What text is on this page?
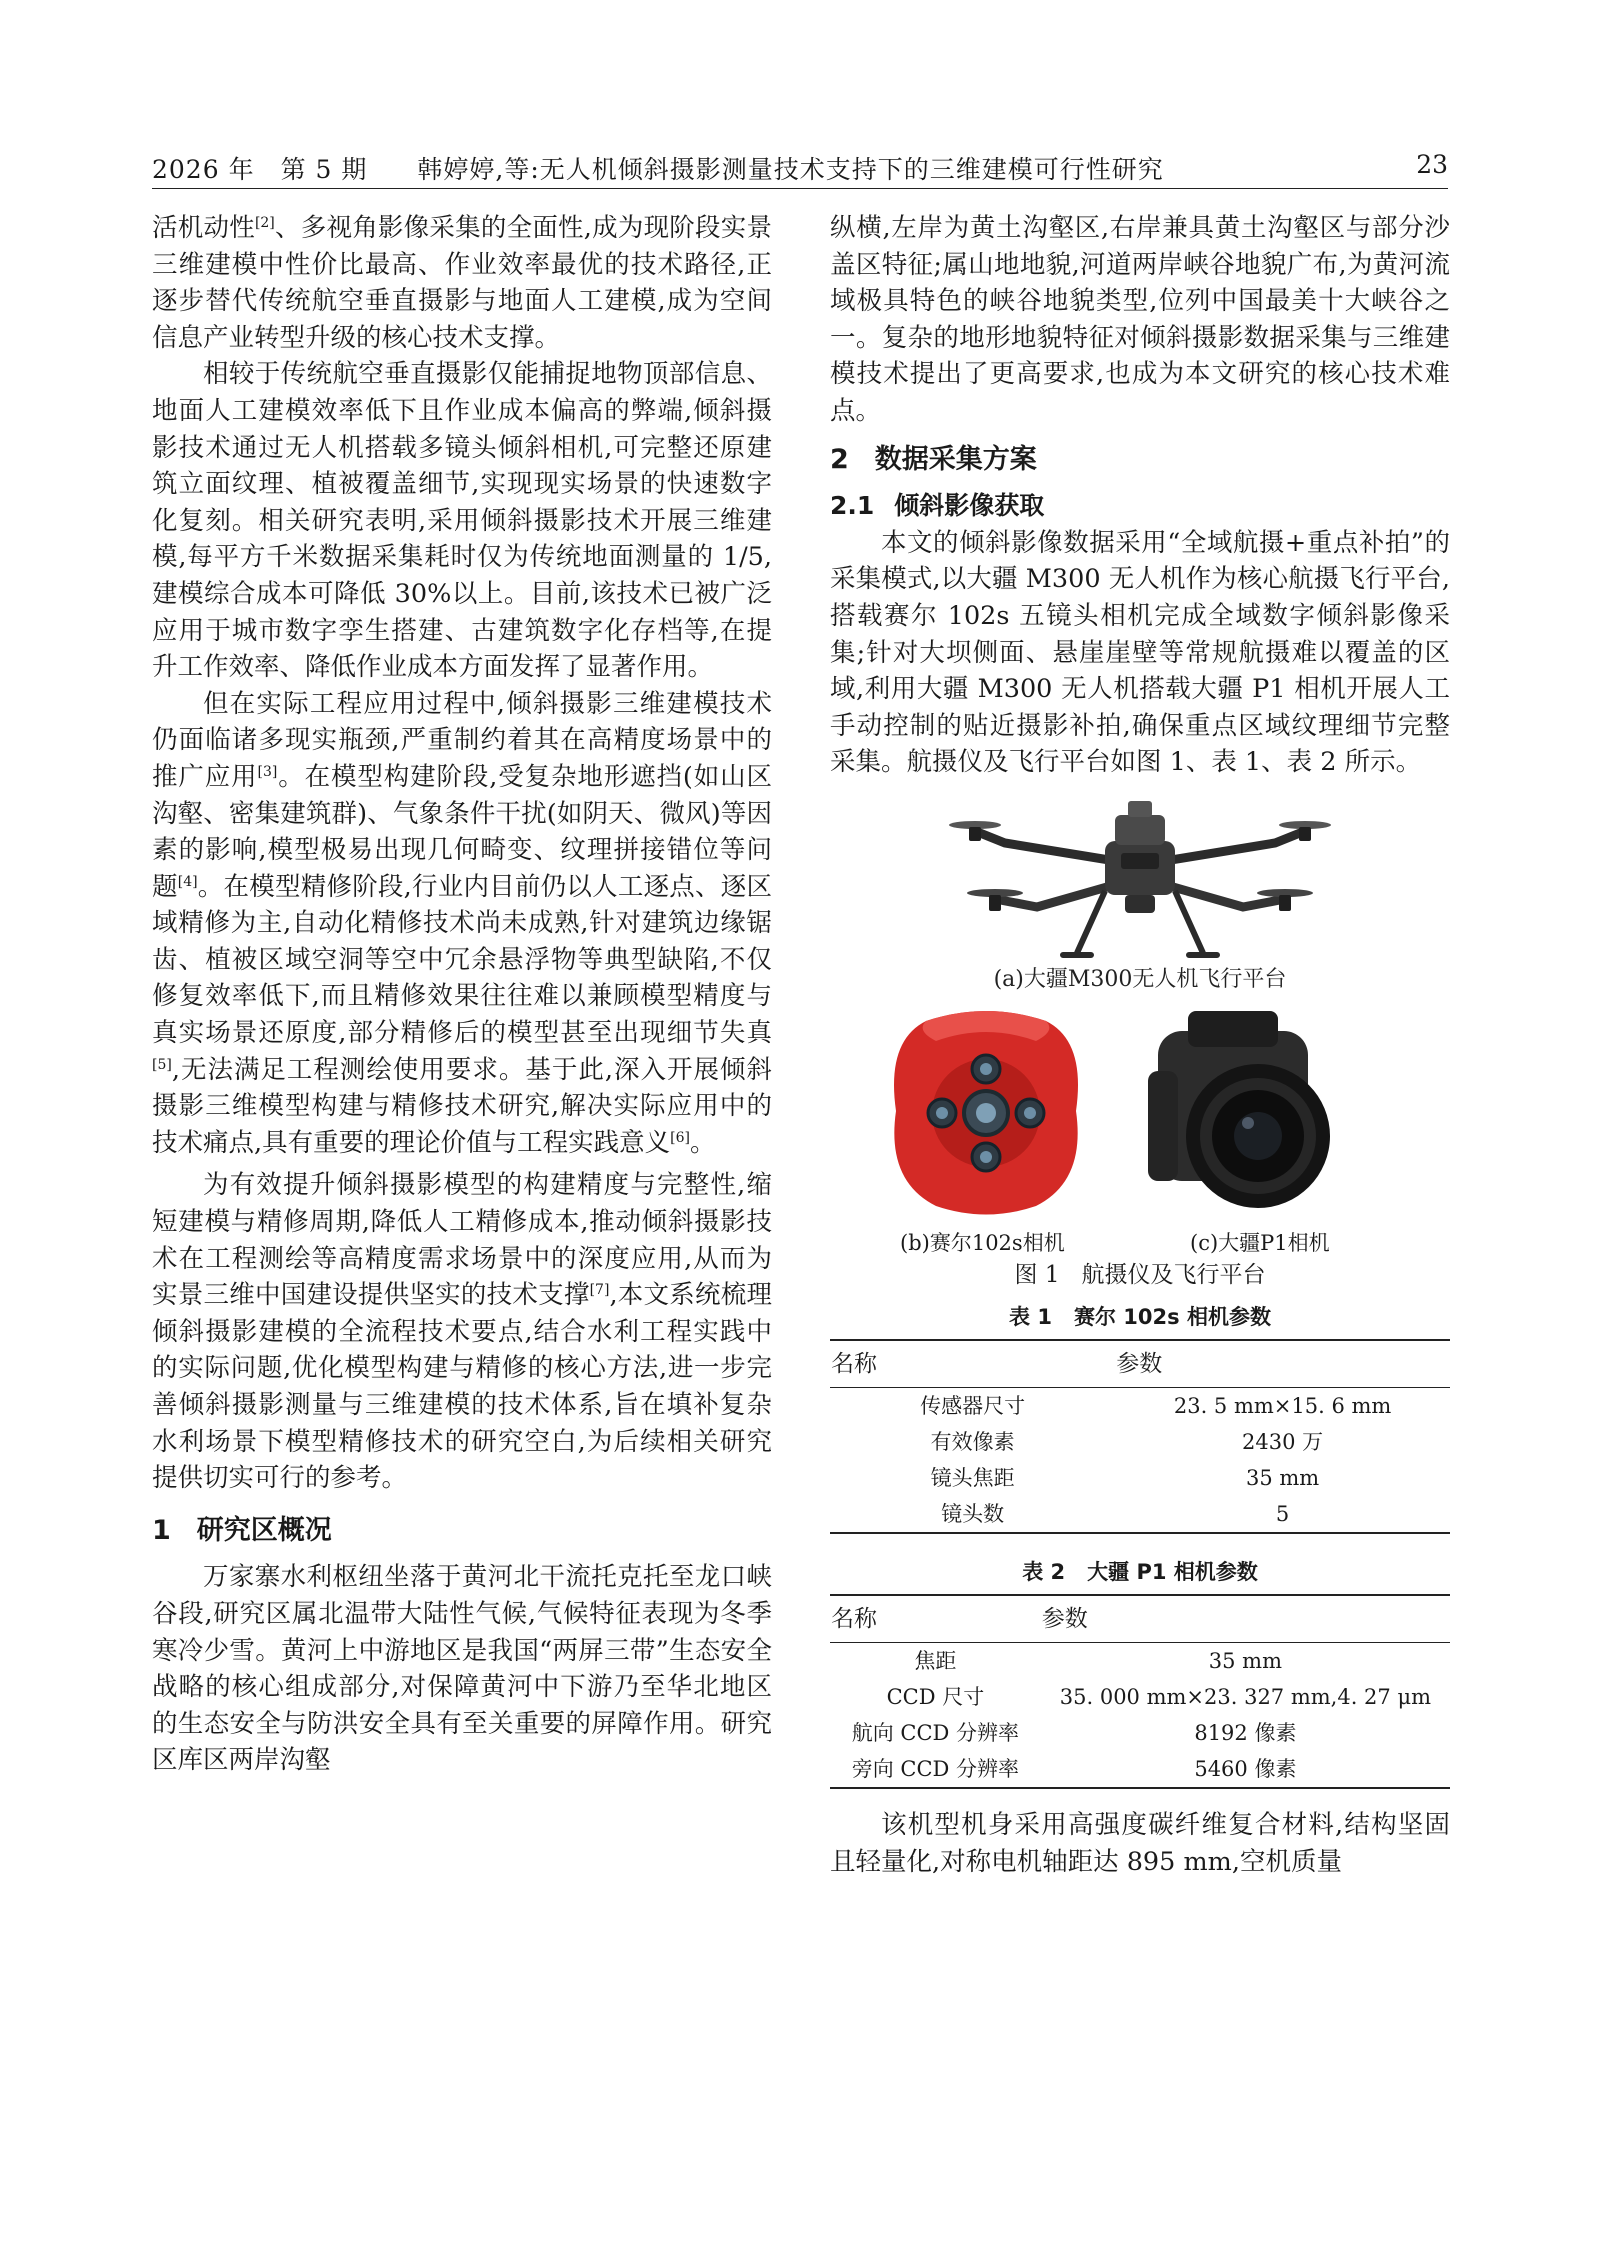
2026 年 第 5 期 韩婷婷,等:无人机倾斜摄影测量技术支持下的三维建模可行性研究	23

活机动性[2]、多视角影像采集的全面性,成为现阶段实景三维建模中性价比最高、作业效率最优的技术路径,正逐步替代传统航空垂直摄影与地面人工建模,成为空间信息产业转型升级的核心技术支撑。

相较于传统航空垂直摄影仅能捕捉地物顶部信息、地面人工建模效率低下且作业成本偏高的弊端,倾斜摄影技术通过无人机搭载多镜头倾斜相机,可完整还原建筑立面纹理、植被覆盖细节,实现现实场景的快速数字化复刻。相关研究表明,采用倾斜摄影技术开展三维建模,每平方千米数据采集耗时仅为传统地面测量的 1/5,建模综合成本可降低 30%以上。目前,该技术已被广泛应用于城市数字孪生搭建、古建筑数字化存档等,在提升工作效率、降低作业成本方面发挥了显著作用。

但在实际工程应用过程中,倾斜摄影三维建模技术仍面临诸多现实瓶颈,严重制约着其在高精度场景中的推广应用[3]。在模型构建阶段,受复杂地形遮挡(如山区沟壑、密集建筑群)、气象条件干扰(如阴天、微风)等因素的影响,模型极易出现几何畸变、纹理拼接错位等问题[4]。在模型精修阶段,行业内目前仍以人工逐点、逐区域精修为主,自动化精修技术尚未成熟,针对建筑边缘锯齿、植被区域空洞等空中冗余悬浮物等典型缺陷,不仅修复效率低下,而且精修效果往往难以兼顾模型精度与真实场景还原度,部分精修后的模型甚至出现细节失真[5],无法满足工程测绘使用要求。基于此,深入开展倾斜摄影三维模型构建与精修技术研究,解决实际应用中的技术痛点,具有重要的理论价值与工程实践意义[6]。

为有效提升倾斜摄影模型的构建精度与完整性,缩短建模与精修周期,降低人工精修成本,推动倾斜摄影技术在工程测绘等高精度需求场景中的深度应用,从而为实景三维中国建设提供坚实的技术支撑[7],本文系统梳理倾斜摄影建模的全流程技术要点,结合水利工程实践中的实际问题,优化模型构建与精修的核心方法,进一步完善倾斜摄影测量与三维建模的技术体系,旨在填补复杂水利场景下模型精修技术的研究空白,为后续相关研究提供切实可行的参考。

1 研究区概况

万家寨水利枢纽坐落于黄河北干流托克托至龙口峡谷段,研究区属北温带大陆性气候,气候特征表现为冬季寒冷少雪。黄河上中游地区是我国“两屏三带”生态安全战略的核心组成部分,对保障黄河中下游乃至华北地区的生态安全与防洪安全具有至关重要的屏障作用。研究区库区两岸沟壑

纵横,左岸为黄土沟壑区,右岸兼具黄土沟壑区与部分沙盖区特征;属山地地貌,河道两岸峡谷地貌广布,为黄河流域极具特色的峡谷地貌类型,位列中国最美十大峡谷之一。复杂的地形地貌特征对倾斜摄影数据采集与三维建模技术提出了更高要求,也成为本文研究的核心技术难点。

2 数据采集方案
2.1 倾斜影像获取

本文的倾斜影像数据采用“全域航摄+重点补拍”的采集模式,以大疆 M300 无人机作为核心航摄飞行平台,搭载赛尔 102s 五镜头相机完成全域数字倾斜影像采集;针对大坝侧面、悬崖崖壁等常规航摄难以覆盖的区域,利用大疆 M300 无人机搭载大疆 P1 相机开展人工手动控制的贴近摄影补拍,确保重点区域纹理细节完整采集。航摄仪及飞行平台如图 1、表 1、表 2 所示。

(a)大疆M300无人机飞行平台
(b)赛尔102s相机	(c)大疆P1相机
图 1 航摄仪及飞行平台
表 1 赛尔 102s 相机参数
名称	参数
传感器尺寸	23. 5 mm×15. 6 mm
有效像素	2430 万
镜头焦距	35 mm
镜头数	5
表 2 大疆 P1 相机参数
名称	参数
焦距	35 mm
CCD 尺寸	35. 000 mm×23. 327 mm,4. 27 μm
航向 CCD 分辨率	8192 像素
旁向 CCD 分辨率	5460 像素

该机型机身采用高强度碳纤维复合材料,结构坚固且轻量化,对称电机轴距达 895 mm,空机质量
